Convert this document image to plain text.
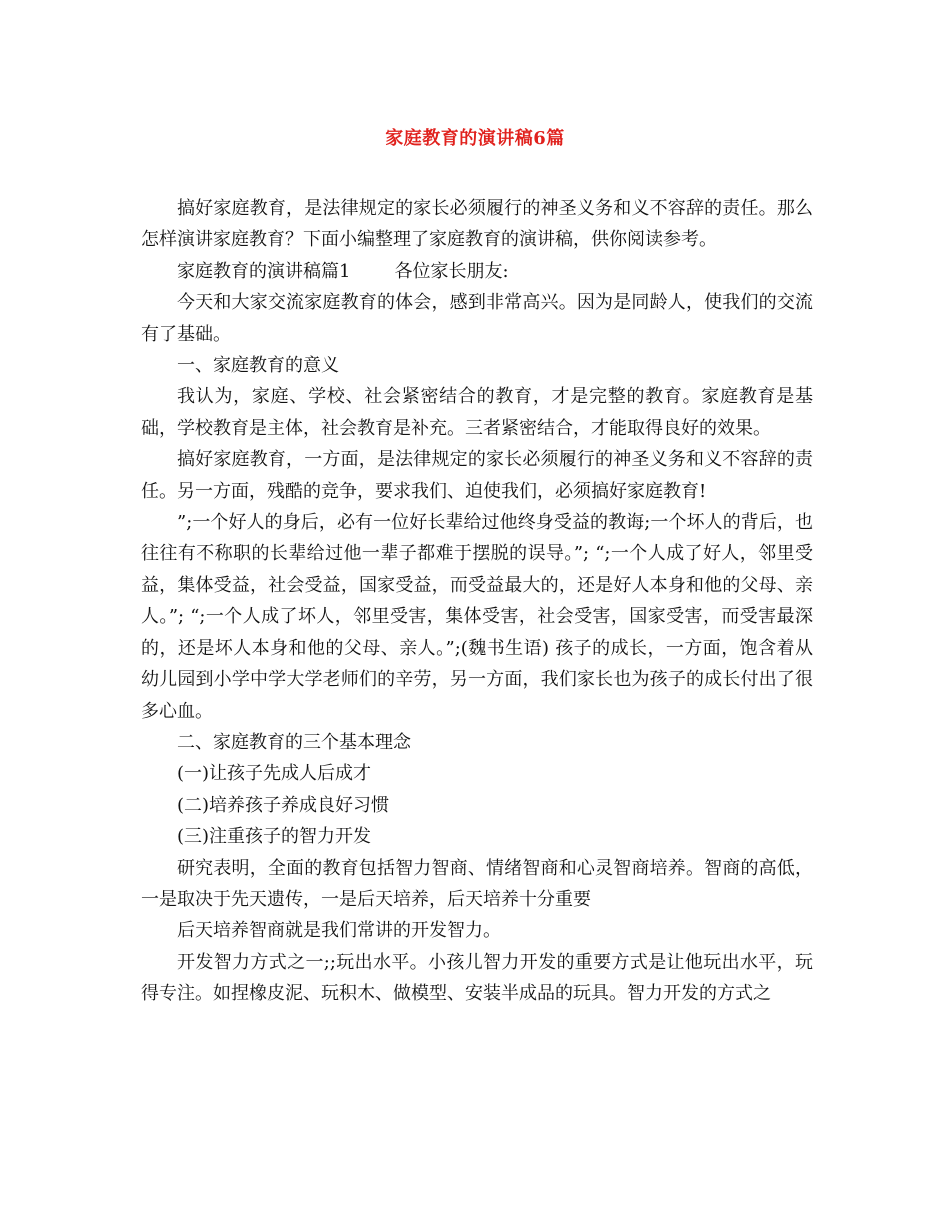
家庭教育的演讲稿6篇

搞好家庭教育，是法律规定的家长必须履行的神圣义务和义不容辞的责任。那么怎样演讲家庭教育？下面小编整理了家庭教育的演讲稿，供你阅读参考。

家庭教育的演讲稿篇1 各位家长朋友:

今天和大家交流家庭教育的体会，感到非常高兴。因为是同龄人，使我们的交流有了基础。

一、家庭教育的意义

我认为，家庭、学校、社会紧密结合的教育，才是完整的教育。家庭教育是基础，学校教育是主体，社会教育是补充。三者紧密结合，才能取得良好的效果。

搞好家庭教育，一方面，是法律规定的家长必须履行的神圣义务和义不容辞的责任。另一方面，残酷的竞争，要求我们、迫使我们，必须搞好家庭教育!

”;一个好人的身后，必有一位好长辈给过他终身受益的教诲;一个坏人的背后，也往往有不称职的长辈给过他一辈子都难于摆脱的误导。”; “;一个人成了好人，邻里受益，集体受益，社会受益，国家受益，而受益最大的，还是好人本身和他的父母、亲人。”; “;一个人成了坏人，邻里受害，集体受害，社会受害，国家受害，而受害最深的，还是坏人本身和他的父母、亲人。”;(魏书生语) 孩子的成长，一方面，饱含着从幼儿园到小学中学大学老师们的辛劳，另一方面，我们家长也为孩子的成长付出了很多心血。

二、家庭教育的三个基本理念

(一)让孩子先成人后成才

(二)培养孩子养成良好习惯

(三)注重孩子的智力开发

研究表明，全面的教育包括智力智商、情绪智商和心灵智商培养。智商的高低，一是取决于先天遗传，一是后天培养，后天培养十分重要

后天培养智商就是我们常讲的开发智力。

开发智力方式之一;;玩出水平。小孩儿智力开发的重要方式是让他玩出水平，玩得专注。如捏橡皮泥、玩积木、做模型、安装半成品的玩具。智力开发的方式之
